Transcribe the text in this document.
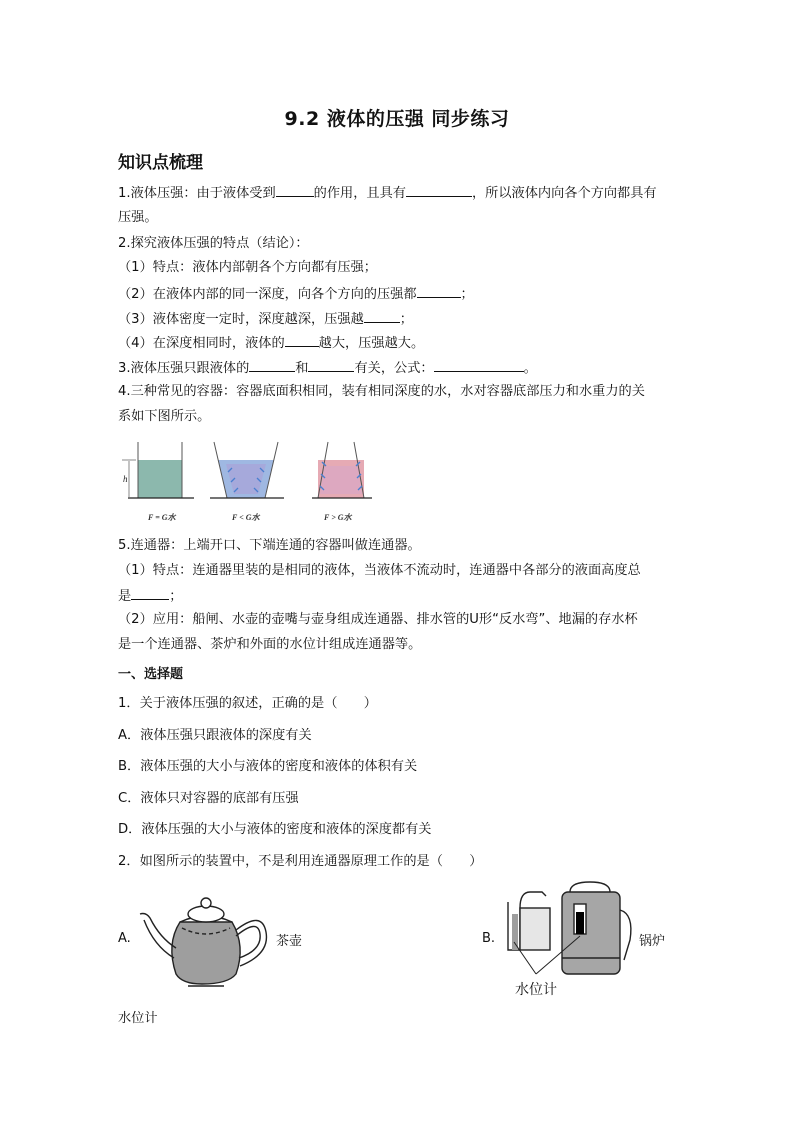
9.2 液体的压强 同步练习
知识点梳理
1.液体压强：由于液体受到	的作用，且具有	，所以液体内向各个方向都具有
压强。
2.探究液体压强的特点（结论）：
（1）特点：液体内部朝各个方向都有压强；
（2）在液体内部的同一深度，向各个方向的压强都	；
（3）液体密度一定时，深度越深，压强越	；
（4）在深度相同时，液体的	越大，压强越大。
3.液体压强只跟液体的	和	有关，公式：	。
4.三种常见的容器：容器底面积相同，装有相同深度的水，水对容器底部压力和水重力的关
系如下图所示。
h
F = G水	F < G水	F > G水
5.连通器：上端开口、下端连通的容器叫做连通器。
（1）特点：连通器里装的是相同的液体，当液体不流动时，连通器中各部分的液面高度总
是	；
（2）应用：船闸、水壶的壶嘴与壶身组成连通器、排水管的U形“反水弯”、地漏的存水杯
是一个连通器、茶炉和外面的水位计组成连通器等。
一、选择题
1．关于液体压强的叙述，正确的是（　　）
A．液体压强只跟液体的深度有关
B．液体压强的大小与液体的密度和液体的体积有关
C．液体只对容器的底部有压强
D．液体压强的大小与液体的密度和液体的深度都有关
2．如图所示的装置中，不是利用连通器原理工作的是（　　）
A.	茶壶	B.	锅炉
水位计
水位计
